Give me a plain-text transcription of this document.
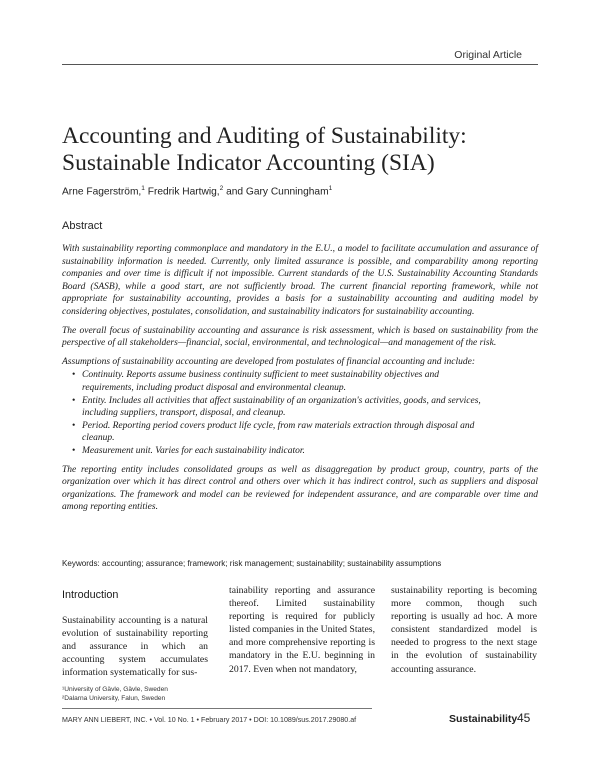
Original Article
Accounting and Auditing of Sustainability:
Sustainable Indicator Accounting (SIA)
Arne Fagerström,$^1$ Fredrik Hartwig,$^2$ and Gary Cunningham$^1$
Abstract

With sustainability reporting commonplace and mandatory in the E.U., a model to facilitate accumulation and assurance of sustainability information is needed. Currently, only limited assurance is possible, and comparability among reporting companies and over time is difficult if not impossible. Current standards of the U.S. Sustainability Accounting Standards Board (SASB), while a good start, are not sufficiently broad. The current financial reporting framework, while not appropriate for sustainability accounting, provides a basis for a sustainability accounting and auditing model by considering objectives, postulates, consolidation, and sustainability indicators for sustainability accounting.

The overall focus of sustainability accounting and assurance is risk assessment, which is based on sustainability from the perspective of all stakeholders—financial, social, environmental, and technological—and management of the risk.

Assumptions of sustainability accounting are developed from postulates of financial accounting and include:

• Continuity. Reports assume business continuity sufficient to meet sustainability objectives and requirements, including product disposal and environmental cleanup.
• Entity. Includes all activities that affect sustainability of an organization's activities, goods, and services, including suppliers, transport, disposal, and cleanup.
• Period. Reporting period covers product life cycle, from raw materials extraction through disposal and cleanup.
• Measurement unit. Varies for each sustainability indicator.

The reporting entity includes consolidated groups as well as disaggregation by product group, country, parts of the organization over which it has direct control and others over which it has indirect control, such as suppliers and disposal organizations. The framework and model can be reviewed for independent assurance, and are comparable over time and among reporting entities.

Keywords: accounting; assurance; framework; risk management; sustainability; sustainability assumptions
Introduction

Sustainability accounting is a natural evolution of sustainability reporting and assurance in which an accounting system accumulates information systematically for sus-

tainability reporting and assurance thereof. Limited sustainability reporting is required for publicly listed companies in the United States, and more comprehensive reporting is mandatory in the E.U. beginning in 2017. Even when not mandatory,

sustainability reporting is becoming more common, though such reporting is usually ad hoc. A more consistent standardized model is needed to progress to the next stage in the evolution of sustainability accounting assurance.

¹University of Gävle, Gävle, Sweden
²Dalarna University, Falun, Sweden
MARY ANN LIEBERT, INC. • Vol. 10 No. 1 • February 2017 • DOI: 10.1089/sus.2017.29080.af	Sustainability 45
